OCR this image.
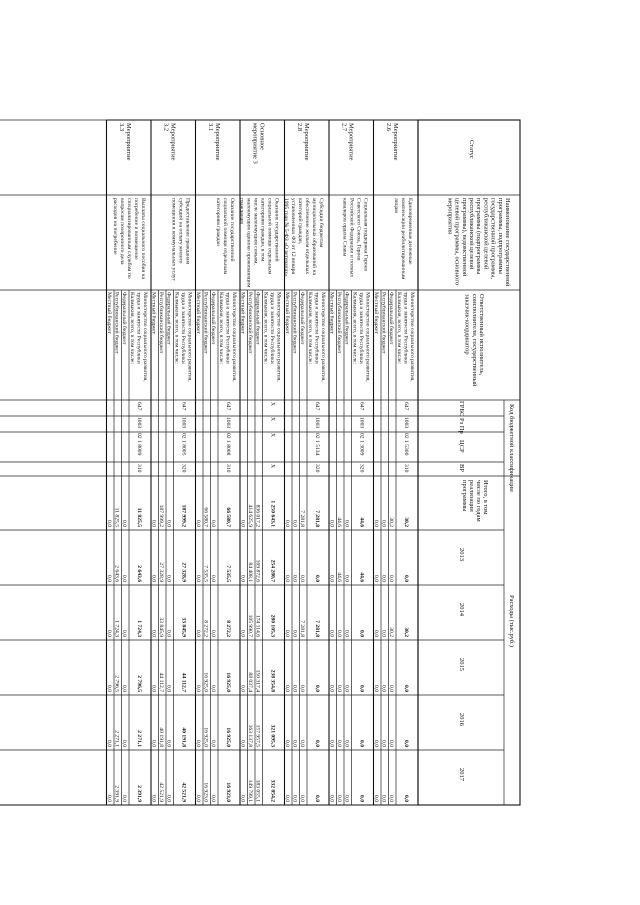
Код бюджетной классификации
Расходы (тыс.руб.)
Статус
Наименование государственнойпрограммы, подпрограммыгосударственной программы,республиканской целевойпрограммы (подпрограммыреспубликанской целевойпрограммы), ведомственнойцелевой программы, основногомероприятия
Ответственный исполнитель,соисполнители, государственныйзаказчик-координатор
ГРБС
Рз Пр
ЦСР
ВР
Итого, в томчисле по годамреализациипрограммы
2013
2014
2015
2016
2017
Министерство социального развития,труда и занятости РеспубликиКалмыкия, всего, в том числе:
647
1003
02 1 5300
310
30,2
0,0
30,2
0,0
0,0
0,0
Федеральный бюджет
30,2
0,0
30,2
0,0
0,0
0,0
Республиканский бюджет
0,0
0,0
0,0
0,0
0,0
0,0
Местный бюджет
0,0
0,0
0,0
0,0
0,0
0,0
Мероприятие2.6
Единовременные денежныекомпенсации реабилитированнымлицам
Министерство социального развития,труда и занятости РеспубликиКалмыкия, всего, в том числе:
647
1003
02 1 3009
320
44,6
44,6
0,0
0,0
0,0
0,0
Федеральный бюджет
0,0
0,0
0,0
0,0
0,0
0,0
Республиканский бюджет
44,6
44,6
0,0
0,0
0,0
0,0
Местный бюджет
0,0
0,0
0,0
0,0
0,0
0,0
Мероприятие2.7
Социальная поддержка ГероевСоветского Союза, ГероевРоссийской Федерации и полныхкавалеров ордена Славы
Министерство социального развития,труда и занятости РеспубликиКалмыкия, всего, в том числе:
647
1003
02 1 5134
320
7 281,8
0,0
7 281,8
0,0
0,0
0,0
Федеральный бюджет
7 281,8
0,0
7 281,8
0,0
0,0
0,0
Республиканский бюджет
0,0
0,0
0,0
0,0
0,0
0,0
Местный бюджет
0,0
0,0
0,0
0,0
0,0
0,0
Мероприятие2.8
Субсидии бюджетаммуниципальных образований наобеспечение жильем отдельныхкатегорий граждан,установленных ФЗ от 12 января1995 года № 5-ФЗ «О ветеранах»
Министерство социального развития,труда и занятости РеспубликиКалмыкия, всего, в том числе:
X
X
X
X
1 250 643,1
254 280,7
280 105,3
238 354,8
321 095,3
332 854,2
Федеральный бюджет
836 017,2
169 872,6
174 114,6
150 317,4
157 957,5
183 055,1
Республиканский бюджет
414 625,9
84 408,1
105 990,7
88 037,4
163 137,8
149 799,1
Местный бюджет
0,0
0,0
0,0
0,0
0,0
0,0
Основноемероприятие 3
Оказание государственнойсоциальной помощи отдельнымкатегориям граждан, в томчисле малоимущим семьям,малоимущим одиноко проживающимгражданам
Министерство социального развития,труда и занятости РеспубликиКалмыкия, всего, в том числе:
647
1003
02 1 8008
310
66 580,7
7 535,5
8 272,2
16 925,0
16 925,0
16 923,0
Федеральный бюджет
0,0
0,0
0,0
0,0
0,0
0,0
Республиканский бюджет
66 580,7
7 535,5
8 272,2
16 925,0
16 925,0
16 923,0
Местный бюджет
0,0
0,0
0,0
0,0
0,0
0,0
Мероприятие3.1
Оказание государственнойсоциальной помощи отдельнымкатегориям граждан
Министерство социального развития,труда и занятости РеспубликиКалмыкия, всего, в том числе:
647
1003
02 1 8005
320
187 999,2
27 328,9
33 845,9
44 112,7
40 191,8
42 521,9
Федеральный бюджет
0,0
0,0
0,0
0,0
0,0
0,0
Республиканский бюджет
187 999,2
27 328,9
33 845,9
44 112,7
40 191,8
42 521,9
Местный бюджет
0,0
0,0
0,0
0,0
0,0
0,0
Мероприятие3.2
Предоставление гражданамсубсидий на оплату жилогопомещения и коммунальных услуг
Министерство социального развития,труда и занятости РеспубликиКалмыкия, всего, в том числе:
647
1003
02 1 8009
310
11 825,5
2 643,6
1 724,3
2 796,5
2 271,1
2 391,9
Федеральный бюджет
0,0
0,0
0,0
0,0
0,0
0,0
Республиканский бюджет
11 825,5
2 643,6
1 724,3
2 796,5
2 271,1
2 391,9
Местный бюджет
0,0
0,0
0,0
0,0
0,0
0,0
Мероприятие3.3
Выплаты социального пособия напогребение и возмещениеспециализированным службам повопросам похоронного деларасходов на погребение
